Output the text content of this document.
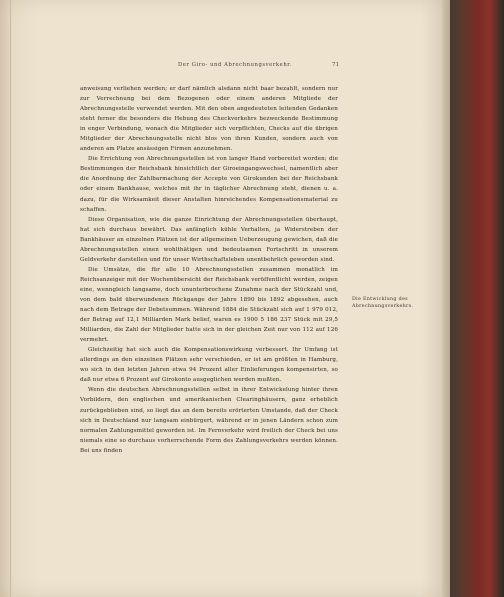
Der Giro- und Abrechnungsverkehr.	71

anweisung verliehen werden; er darf nämlich alsdann nicht baar bezahlt, sondern nur zur Verrechnung bei dem Bezogenen oder einem anderen Mitgliede der Abrechnungsstelle verwendet werden. Mit den oben angedeuteten leitenden Gedanken steht ferner die besonders die Hebung des Checkverkehrs bezweckende Bestimmung in enger Verbindung, wonach die Mitglieder sich verpflichten, Checks auf die übrigen Mitglieder der Abrechnungsstelle nicht blos von ihren Kunden, sondern auch von anderen am Platze ansässigen Firmen anzunehmen.

Die Errichtung von Abrechnungsstellen ist von langer Hand vorbereitet worden; die Bestimmungen der Reichsbank hinsichtlich der Giroeingangswechsel, namentlich aber die Anordnung der Zahlbarmachung der Accepte von Girokunden bei der Reichsbank oder einem Bankhause, welches mit ihr in täglicher Abrechnung steht, dienen u. a. dazu, für die Wirksamkeit dieser Anstalten hinreichendes Kompensationsmaterial zu schaffen.

Diese Organisation, wie die ganze Einrichtung der Abrechnungsstellen überhaupt, hat sich durchaus bewährt. Das anfänglich kühle Verhalten, ja Widerstreben der Bankhäuser an einzelnen Plätzen ist der allgemeinen Ueberzeugung gewichen, daß die Abrechnungsstellen einen wohlthätigen und bedeutsamen Fortschritt in unserem Geldverkehr darstellen und für unser Wirthschaftsleben unentbehrlich geworden sind.

Die Umsätze, die für alle 10 Abrechnungsstellen zusammen monatlich im Reichsanzeiger mit der Wochenübersicht der Reichsbank veröffentlicht werden, zeigen eine, wenngleich langsame, doch ununterbrochene Zunahme nach der Stückzahl und, von dem bald überwundenen Rückgange der Jahre 1890 bis 1892 abgesehen, auch nach dem Betrage der Debetsummen. Während 1884 die Stückzahl sich auf 1 979 012, der Betrag auf 12,1 Milliarden Mark belief, waren es 1900 5 186 237 Stück mit 29,5 Milliarden, die Zahl der Mitglieder hatte sich in der gleichen Zeit nur von 112 auf 126 vermehrt.

Gleichzeitig hat sich auch die Kompensationswirkung verbessert. Ihr Umfang ist allerdings an den einzelnen Plätzen sehr verschieden, er ist am größten in Hamburg, wo sich in den letzten Jahren etwa 94 Prozent aller Einlieferungen kompensirten, so daß nur etwa 6 Prozent auf Girokonto ausgeglichen werden mußten.

Wenn die deutschen Abrechnungsstellen selbst in ihrer Entwickelung hinter ihren Vorbildern, den englischen und amerikanischen Clearinghäusern, ganz erheblich zurückgeblieben sind, so liegt das an dem bereits erörterten Umstande, daß der Check sich in Deutschland nur langsam einbürgert, während er in jenen Ländern schon zum normalen Zahlungsmittel geworden ist. Im Fernverkehr wird freilich der Check bei uns niemals eine so durchaus vorherrschende Form des Zahlungsverkehrs werden können. Bei uns finden

Die Entwicklung des Abrechnungsverkehrs.
